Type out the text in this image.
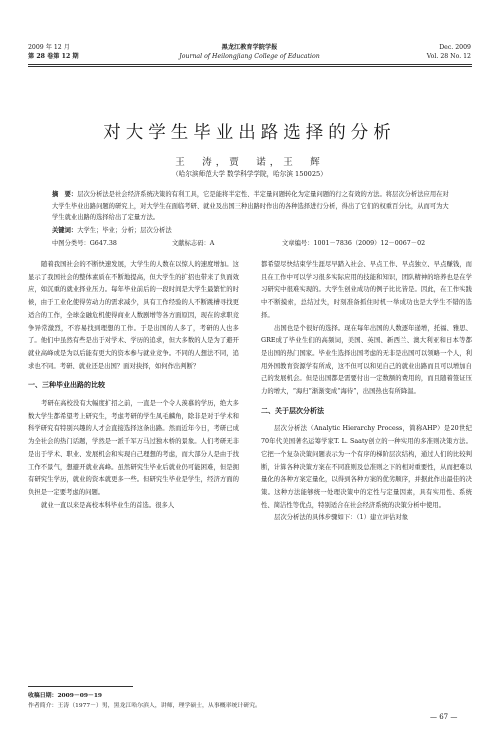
2009 年 12 月
第 28 卷第 12 期
黑龙江教育学院学报
Journal of Heilongjiang College of Education
Dec. 2009
Vol. 28 No. 12
对大学生毕业出路选择的分析
王　涛，贾　诺，王　辉
（哈尔滨师范大学 数学科学学院，哈尔滨 150025）
摘　要：层次分析法是社会经济系统决策的有利工具，它是能将半定性、半定量问题转化为定量问题的行之有效的方法。将层次分析法应用在对大学生毕业出路问题的研究上，对大学生在面临考研、就业及出国三种出路时作出的各种选择进行分析，得出了它们的权重百分比，从而可为大学生就业出路的选择给出了定量方法。
关键词：大学生；毕业；分析；层次分析法
中图分类号：G647.38	文献标志码：A	文章编号：1001－7836（2009）12－0067－02

随着我国社会的不断快速发展，大学生的人数在以惊人的速度增加。这显示了我国社会的整体素质在不断地提高，但大学生的扩招也带来了负面效应，如沉重的就业择业压力。每年毕业前后的一段时间是大学生最繁忙的时候，由于工业化使得劳动力的需求减少，具有工作经验的人不断跳槽寻找更适合的工作，全球金融危机使得商业人数剧增等各方面原因，现在的求职竞争异常激烈，不容易找到理想的工作。于是出国的人多了，考研的人也多了。他们中虽然有些是出于对学术、学历的追求，但大多数的人是为了避开就业高峰或是为以后能有更大的资本参与就业竞争。不同的人想法不同，追求也不同。考研、就业还是出国？面对抉择，如何作出判断？

一、三种毕业出路的比较

考研在高校没有大幅度扩招之前，一直是一个令人羡慕的学历，绝大多数大学生都希望考上研究生，考虑考研的学生凤毛麟角，除非是对于学术和科学研究有特别兴趣的人才会直接选择这条出路。然而近年今日，考研已成为全社会的热门话题，学然是一派千军万马过独木桥的景象。人们考研无非是出于学术、职业、发展机会和实现自己理想的考虑，而大部分人是由于找工作不景气，想避开就业高峰。虽然研究生毕业后就业仍可能困难，但是拥有研究生学历，就业的资本就更多一些。但研究生毕业是学生，经济方面的负担是一定要考虑的问题。

就业一直以来是高校本科毕业生的首选。很多人

都希望尽快结束学生涯尽早踏入社会、早点工作、早点独立、早点赚钱，而且在工作中可以学习很多实际应用的技能和知识，团队精神的培养也是在学习研究中很难实现的。大学生创业成功的例子比比皆是。因此，在工作实践中不断摸索，总结过失，时刻准备抓住时机一举成功也是大学生不错的选择。

出国也是个很好的选择。现在每年出国的人数逐年递增，托福、雅思、GRE成了毕业生们的高频词，美国、英国、新西兰、澳大利亚和日本等都是出国的热门国家。毕业生选择出国考虑的无非是出国可以领略一个人，利用外国教育资源学有所成，这不但可以和见自己的就业出路而且可以增加自己的发展机会。但是出国都是需要付出一定数额的费用的，而且随着签证压力的增大，“海归”渐渐变成“海待”，出国热也有所降温。

二、关于层次分析法

层次分析法（Analytic Hierarchy Process，简称AHP）是20世纪70年代美国著名运筹学家T. L. Saaty创立的一种实用的多准则决策方法。它把一个复杂决策问题表示为一个有序的梯阶层次结构，通过人们的比较判断，计算各种决策方案在不同准则及总准则之下的相对重要性，从而把难以量化的各种方案定量化，以得到各种方案的优劣顺序，并据此作出最佳的决策。这种方法能够统一处理决策中的定性与定量因素，具有实用性、系统性、简洁性等优点，特别适合在社会经济系统的决策分析中使用。

层次分析法的具体步骤如下：（1）建立评估对象

收稿日期：2009－09－19
作者简介：王涛（1977－）男，黑龙江哈尔滨人，讲师，理学硕士，从事概率统计研究。
— 67 —
